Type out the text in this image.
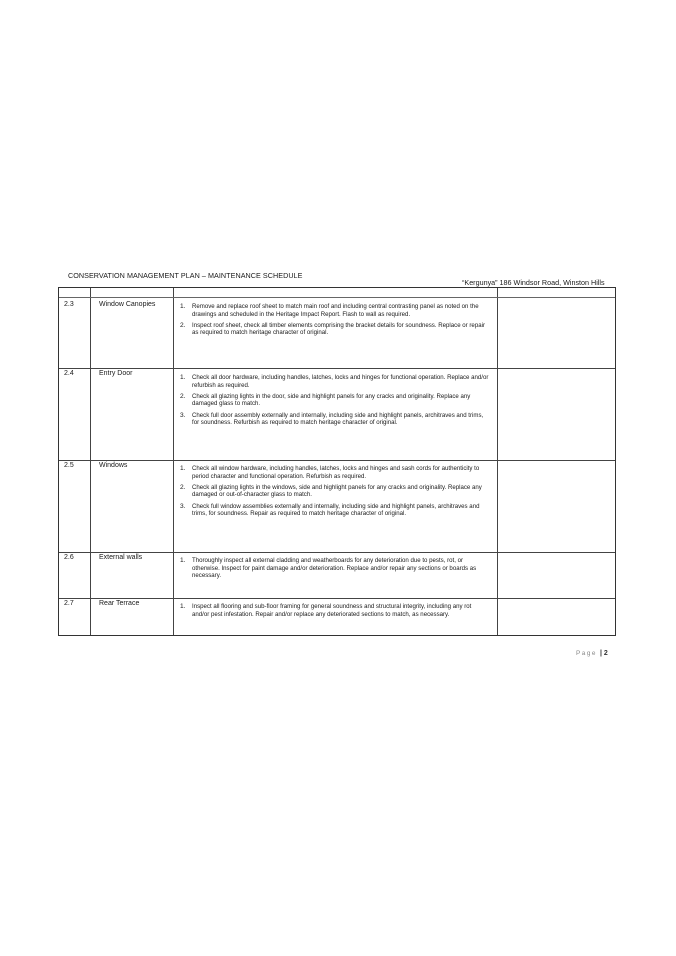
CONSERVATION MANAGEMENT PLAN – MAINTENANCE SCHEDULE
“Kergunya” 186 Windsor Road, Winston Hills
2.3	Window Canopies	1.	Remove and replace roof sheet to match main roof and including central contrasting panel as noted on the drawings and scheduled in the Heritage Impact Report. Flash to wall as required.
2.	Inspect roof sheet, check all timber elements comprising the bracket details for soundness. Replace or repair as required to match heritage character of original.
2.4	Entry Door
1.	Check all door hardware, including handles, latches, locks and hinges for functional operation. Replace and/or refurbish as required.
2.	Check all glazing lights in the door, side and highlight panels for any cracks and originality. Replace any damaged glass to match.
3.	Check full door assembly externally and internally, including side and highlight panels, architraves and trims, for soundness. Refurbish as required to match heritage character of original.
2.5	Windows	1.	Check all window hardware, including handles, latches, locks and hinges and sash cords for authenticity to period character and functional operation. Refurbish as required.
2.	Check all glazing lights in the windows, side and highlight panels for any cracks and originality. Replace any damaged or out-of-character glass to match.
3.	Check full window assemblies externally and internally, including side and highlight panels, architraves and trims, for soundness. Repair as required to match heritage character of original.
2.6	External walls	1.	Thoroughly inspect all external cladding and weatherboards for any deterioration due to pests, rot, or otherwise. Inspect for paint damage and/or deterioration. Replace and/or repair any sections or boards as necessary.
2.7	Rear Terrace	1.	Inspect all flooring and sub-floor framing for general soundness and structural integrity, including any rot and/or pest infestation. Repair and/or replace any deteriorated sections to match, as necessary.
Page | 2
